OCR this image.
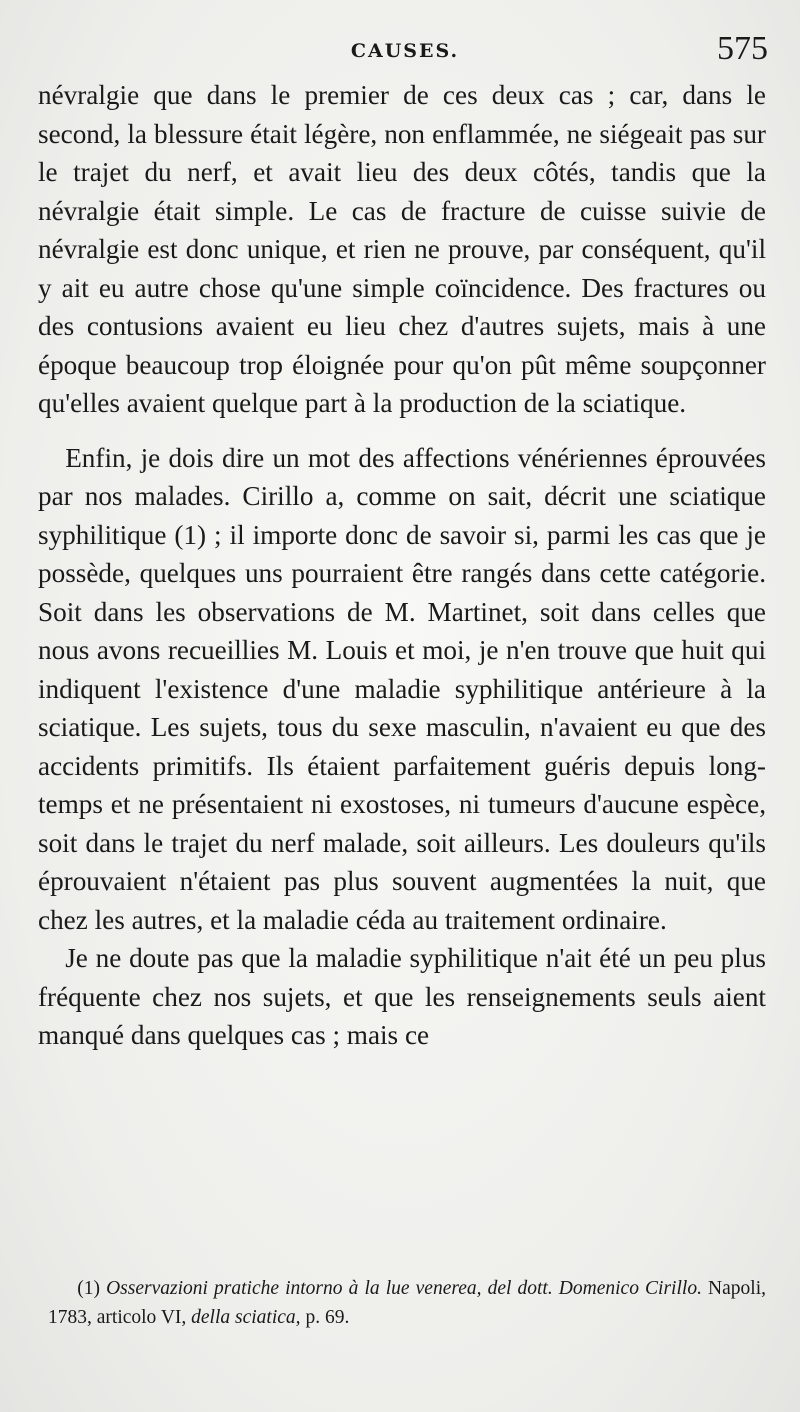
CAUSES.	575

névralgie que dans le premier de ces deux cas ; car, dans le second, la blessure était légère, non enflammée, ne siégeait pas sur le trajet du nerf, et avait lieu des deux côtés, tandis que la névralgie était simple. Le cas de fracture de cuisse suivie de névralgie est donc unique, et rien ne prouve, par conséquent, qu'il y ait eu autre chose qu'une simple coïncidence. Des fractures ou des contusions avaient eu lieu chez d'autres sujets, mais à une époque beaucoup trop éloignée pour qu'on pût même soupçonner qu'elles avaient quelque part à la production de la sciatique.

Enfin, je dois dire un mot des affections vénériennes éprouvées par nos malades. Cirillo a, comme on sait, décrit une sciatique syphilitique (1) ; il importe donc de savoir si, parmi les cas que je possède, quelques uns pourraient être rangés dans cette catégorie. Soit dans les observations de M. Martinet, soit dans celles que nous avons recueillies M. Louis et moi, je n'en trouve que huit qui indiquent l'existence d'une maladie syphilitique antérieure à la sciatique. Les sujets, tous du sexe masculin, n'avaient eu que des accidents primitifs. Ils étaient parfaitement guéris depuis long-temps et ne présentaient ni exostoses, ni tumeurs d'aucune espèce, soit dans le trajet du nerf malade, soit ailleurs. Les douleurs qu'ils éprouvaient n'étaient pas plus souvent augmentées la nuit, que chez les autres, et la maladie céda au traitement ordinaire.

Je ne doute pas que la maladie syphilitique n'ait été un peu plus fréquente chez nos sujets, et que les renseignements seuls aient manqué dans quelques cas ; mais ce

(1) Osservazioni pratiche intorno à la lue venerea, del dott. Domenico Cirillo. Napoli, 1783, articolo VI, della sciatica, p. 69.
